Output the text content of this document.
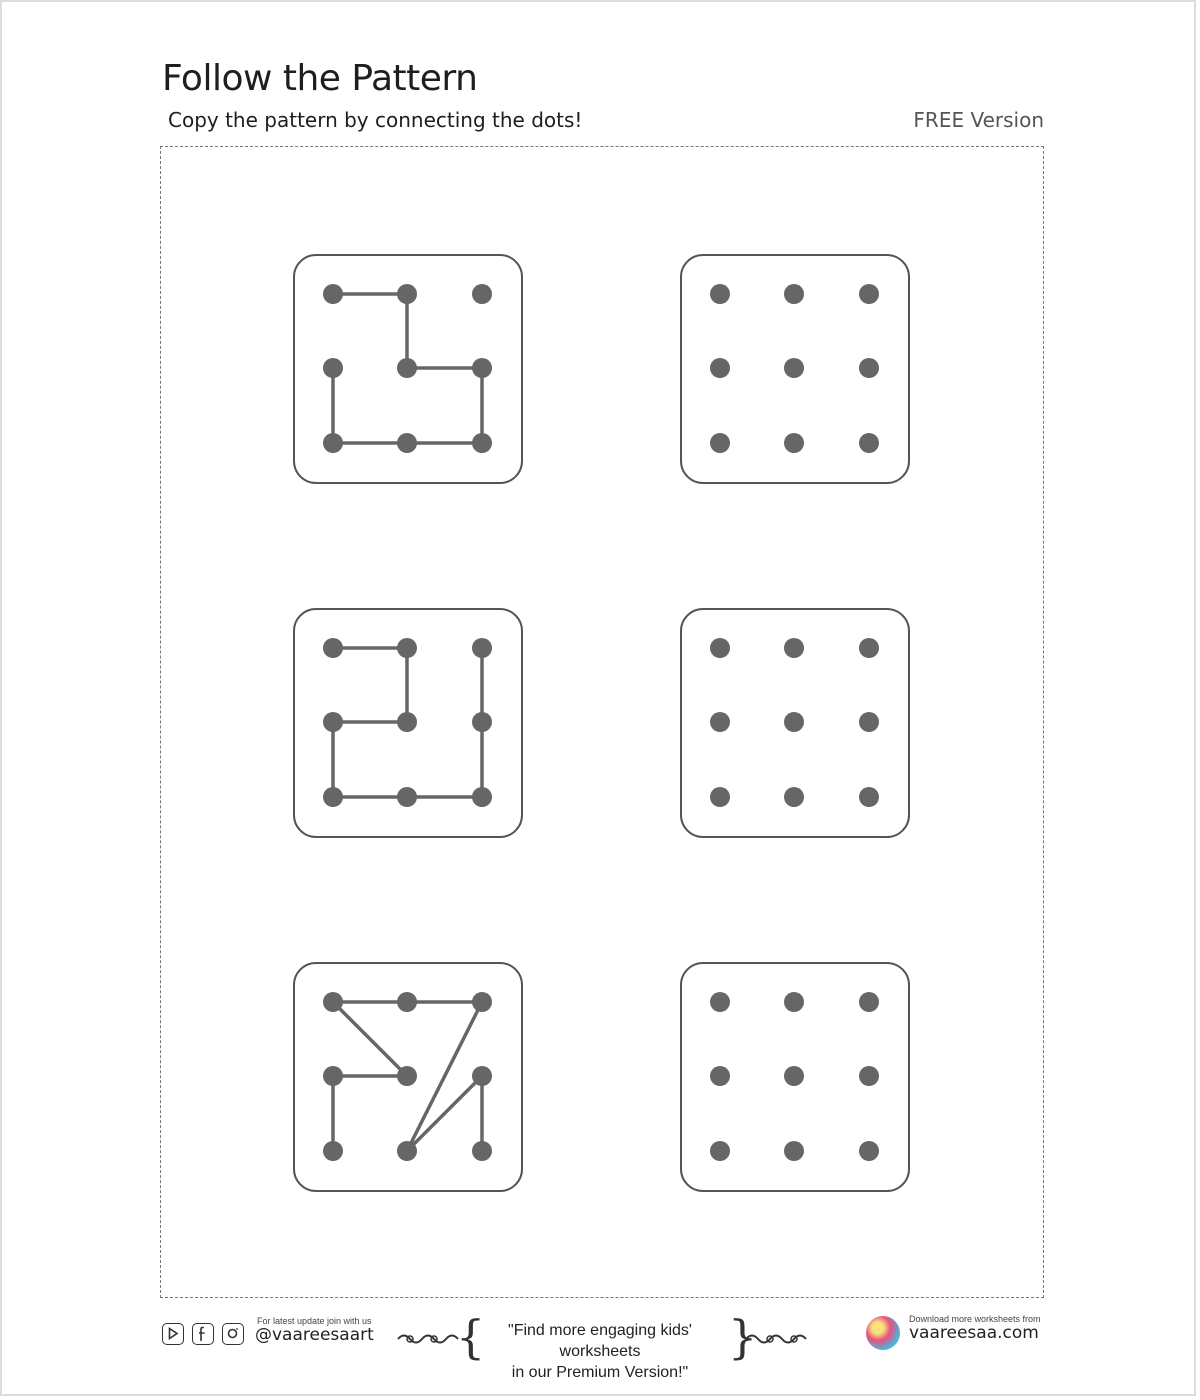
Follow the Pattern
Copy the pattern by connecting the dots!	FREE Version
For latest update join with us
@vaareesaart {	"Find more engaging kids' worksheets
in our Premium Version!"
}	Download more worksheets from
vaareesaa.com
